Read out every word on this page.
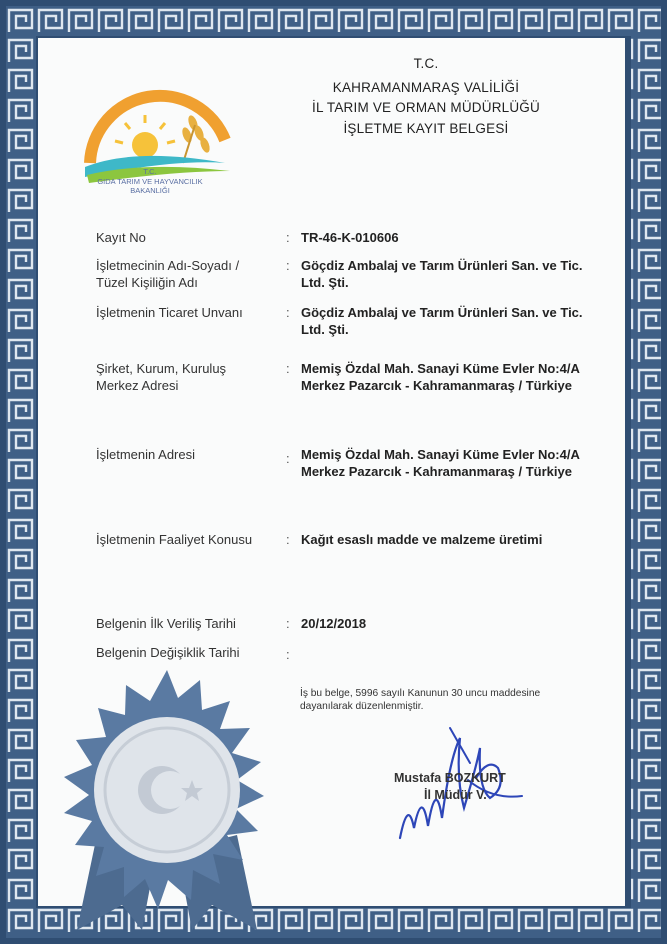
T.C.
GIDA TARIM VE HAYVANCILIK
BAKANLIĞI
T.C.
KAHRAMANMARAŞ VALİLİĞİ
İL TARIM VE ORMAN MÜDÜRLÜĞÜ
İŞLETME KAYIT BELGESİ
Kayıt No	: TR-46-K-010606
İşletmecinin Adı-Soyadı /
Tüzel Kişiliğin Adı
: Göçdiz Ambalaj ve Tarım Ürünleri San. ve Tic.
Ltd. Şti.
İşletmenin Ticaret Unvanı	: Göçdiz Ambalaj ve Tarım Ürünleri San. ve Tic.
Ltd. Şti.
Şirket, Kurum, Kuruluş
Merkez Adresi
: Memiş Özdal Mah. Sanayi Küme Evler No:4/A
Merkez Pazarcık - Kahramanmaraş / Türkiye
İşletmenin Adresi	: Memiş Özdal Mah. Sanayi Küme Evler No:4/A
Merkez Pazarcık - Kahramanmaraş / Türkiye
İşletmenin Faaliyet Konusu	: Kağıt esaslı madde ve malzeme üretimi
Belgenin İlk Veriliş Tarihi	: 20/12/2018
Belgenin Değişiklik Tarihi	:
İş bu belge, 5996 sayılı Kanunun 30 uncu maddesine
dayanılarak düzenlenmiştir.
Mustafa BOZKURT
İl Müdür V.
